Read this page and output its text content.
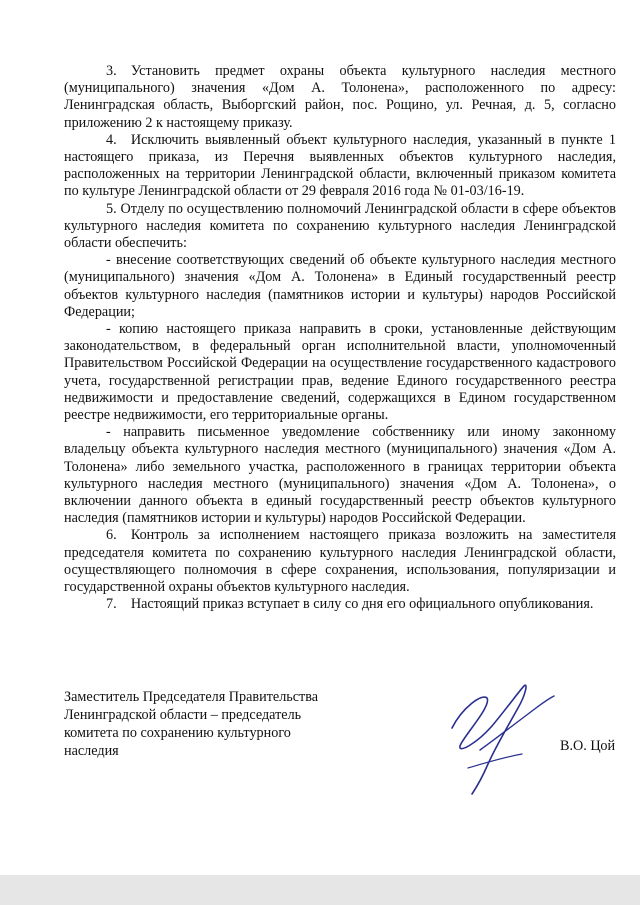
3. Установить предмет охраны объекта культурного наследия местного (муниципального) значения «Дом А. Толонена», расположенного по адресу: Ленинградская область, Выборгский район, пос. Рощино, ул. Речная, д. 5, согласно приложению 2 к настоящему приказу.

4. Исключить выявленный объект культурного наследия, указанный в пункте 1 настоящего приказа, из Перечня выявленных объектов культурного наследия, расположенных на территории Ленинградской области, включенный приказом комитета по культуре Ленинградской области от 29 февраля 2016 года № 01-03/16-19.

5. Отделу по осуществлению полномочий Ленинградской области в сфере объектов культурного наследия комитета по сохранению культурного наследия Ленинградской области обеспечить:

- внесение соответствующих сведений об объекте культурного наследия местного (муниципального) значения «Дом А. Толонена» в Единый государственный реестр объектов культурного наследия (памятников истории и культуры) народов Российской Федерации;

- копию настоящего приказа направить в сроки, установленные действующим законодательством, в федеральный орган исполнительной власти, уполномоченный Правительством Российской Федерации на осуществление государственного кадастрового учета, государственной регистрации прав, ведение Единого государственного реестра недвижимости и предоставление сведений, содержащихся в Едином государственном реестре недвижимости, его территориальные органы.

- направить письменное уведомление собственнику или иному законному владельцу объекта культурного наследия местного (муниципального) значения «Дом А. Толонена» либо земельного участка, расположенного в границах территории объекта культурного наследия местного (муниципального) значения «Дом А. Толонена», о включении данного объекта в единый государственный реестр объектов культурного наследия (памятников истории и культуры) народов Российской Федерации.

6. Контроль за исполнением настоящего приказа возложить на заместителя председателя комитета по сохранению культурного наследия Ленинградской области, осуществляющего полномочия в сфере сохранения, использования, популяризации и государственной охраны объектов культурного наследия.

7. Настоящий приказ вступает в силу со дня его официального опубликования.

Заместитель Председателя Правительства
Ленинградской области – председатель
комитета по сохранению культурного
наследия	В.О. Цой
